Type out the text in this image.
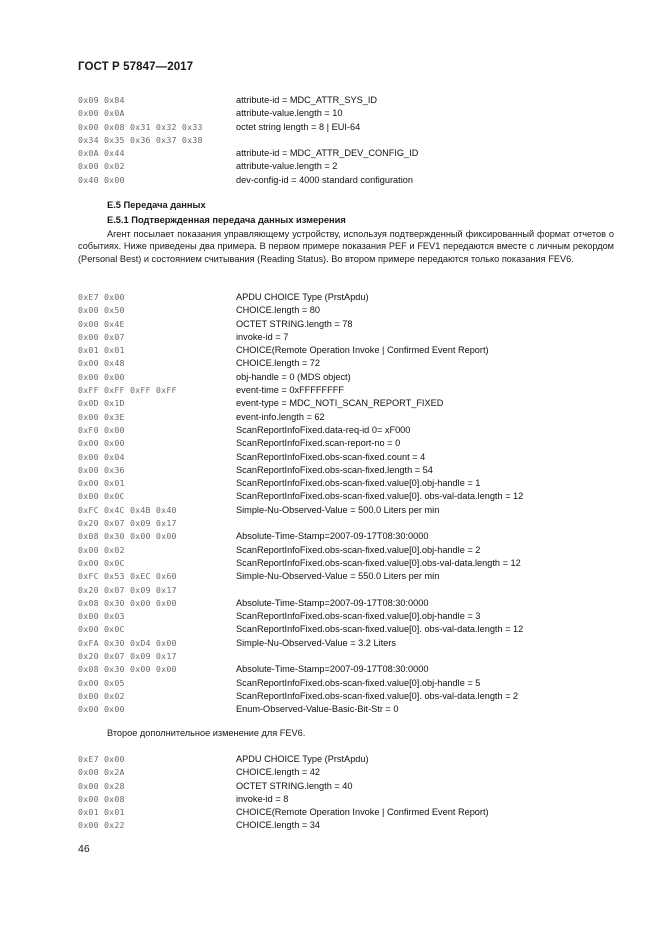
ГОСТ Р 57847—2017
0x09 0x84	attribute-id = MDC_ATTR_SYS_ID
0x00 0x0A	attribute-value.length = 10
0x00 0x08 0x31 0x32 0x33	octet string length = 8 | EUI-64
0x34 0x35 0x36 0x37 0x38
0x0A 0x44	attribute-id = MDC_ATTR_DEV_CONFIG_ID
0x00 0x02	attribute-value.length = 2
0x40 0x00	dev-config-id = 4000 standard configuration
Е.5 Передача данных
Е.5.1 Подтвержденная передача данных измерения
Агент посылает показания управляющему устройству, используя подтвержденный фиксированный формат отчетов о событиях. Ниже приведены два примера. В первом примере показания PEF и FEV1 передаются вместе с личным рекордом (Personal Best) и состоянием считывания (Reading Status). Во втором примере передаются только показания FEV6.
0xE7 0x00	APDU CHOICE Type (PrstApdu)
0x00 0x50	CHOICE.length = 80
0x00 0x4E	OCTET STRING.length = 78
0x00 0x07	invoke-id = 7
0x01 0x01	CHOICE(Remote Operation Invoke | Confirmed Event Report)
0x00 0x48	CHOICE.length = 72
0x00 0x00	obj-handle = 0 (MDS object)
0xFF 0xFF 0xFF 0xFF	event-time = 0xFFFFFFFF
0x0D 0x1D	event-type = MDC_NOTI_SCAN_REPORT_FIXED
0x00 0x3E	event-info.length = 62
0xF0 0x00	ScanReportInfoFixed.data-req-id 0= xF000
0x00 0x00	ScanReportInfoFixed.scan-report-no = 0
0x00 0x04	ScanReportInfoFixed.obs-scan-fixed.count = 4
0x00 0x36	ScanReportInfoFixed.obs-scan-fixed.length = 54
0x00 0x01	ScanReportInfoFixed.obs-scan-fixed.value[0].obj-handle = 1
0x00 0x0C	ScanReportInfoFixed.obs-scan-fixed.value[0]. obs-val-data.length = 12
0xFC 0x4C 0x4B 0x40	Simple-Nu-Observed-Value = 500.0 Liters per min
0x20 0x07 0x09 0x17
0x08 0x30 0x00 0x00	Absolute-Time-Stamp=2007-09-17T08:30:0000
0x00 0x02	ScanReportInfoFixed.obs-scan-fixed.value[0].obj-handle = 2
0x00 0x0C	ScanReportInfoFixed.obs-scan-fixed.value[0].obs-val-data.length = 12
0xFC 0x53 0xEC 0x60	Simple-Nu-Observed-Value = 550.0 Liters per min
0x20 0x07 0x09 0x17
0x08 0x30 0x00 0x00	Absolute-Time-Stamp=2007-09-17T08:30:0000
0x00 0x03	ScanReportInfoFixed.obs-scan-fixed.value[0].obj-handle = 3
0x00 0x0C	ScanReportInfoFixed.obs-scan-fixed.value[0]. obs-val-data.length = 12
0xFA 0x30 0xD4 0x00	Simple-Nu-Observed-Value = 3.2 Liters
0x20 0x07 0x09 0x17
0x08 0x30 0x00 0x00	Absolute-Time-Stamp=2007-09-17T08:30:0000
0x00 0x05	ScanReportInfoFixed.obs-scan-fixed.value[0].obj-handle = 5
0x00 0x02	ScanReportInfoFixed.obs-scan-fixed.value[0]. obs-val-data.length = 2
0x00 0x00	Enum-Observed-Value-Basic-Bit-Str = 0
Второе дополнительное изменение для FEV6.
0xE7 0x00	APDU CHOICE Type (PrstApdu)
0x00 0x2A	CHOICE.length = 42
0x00 0x28	OCTET STRING.length = 40
0x00 0x08	invoke-id = 8
0x01 0x01	CHOICE(Remote Operation Invoke | Confirmed Event Report)
0x00 0x22	CHOICE.length = 34
46
